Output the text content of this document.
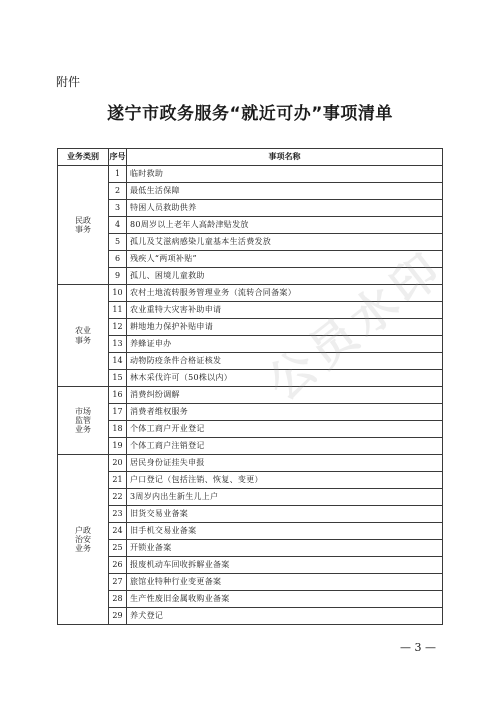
附件
遂宁市政务服务“就近可办”事项清单
业务类别	序号	事项名称
民政
事务	1	临时救助
	2	最低生活保障
	3	特困人员救助供养
	4	80周岁以上老年人高龄津贴发放
	5	孤儿及艾滋病感染儿童基本生活费发放
	6	残疾人“两项补贴”
	9	孤儿、困境儿童救助
农业
事务	10	农村土地流转服务管理业务（流转合同备案）
	11	农业重特大灾害补助申请
	12	耕地地力保护补贴申请
	13	养蜂证申办
	14	动物防疫条件合格证核发
	15	林木采伐许可（50株以内）
市场
监管
业务	16	消费纠纷调解
	17	消费者维权服务
	18	个体工商户开业登记
	19	个体工商户注销登记
户政
治安
业务	20	居民身份证挂失申报
	21	户口登记（包括注销、恢复、变更）
	22	3周岁内出生新生儿上户
	23	旧货交易业备案
	24	旧手机交易业备案
	25	开锁业备案
	26	报废机动车回收拆解业备案
	27	旅馆业特种行业变更备案
	28	生产性废旧金属收购业备案
	29	养犬登记
公员水印
— 3 —
